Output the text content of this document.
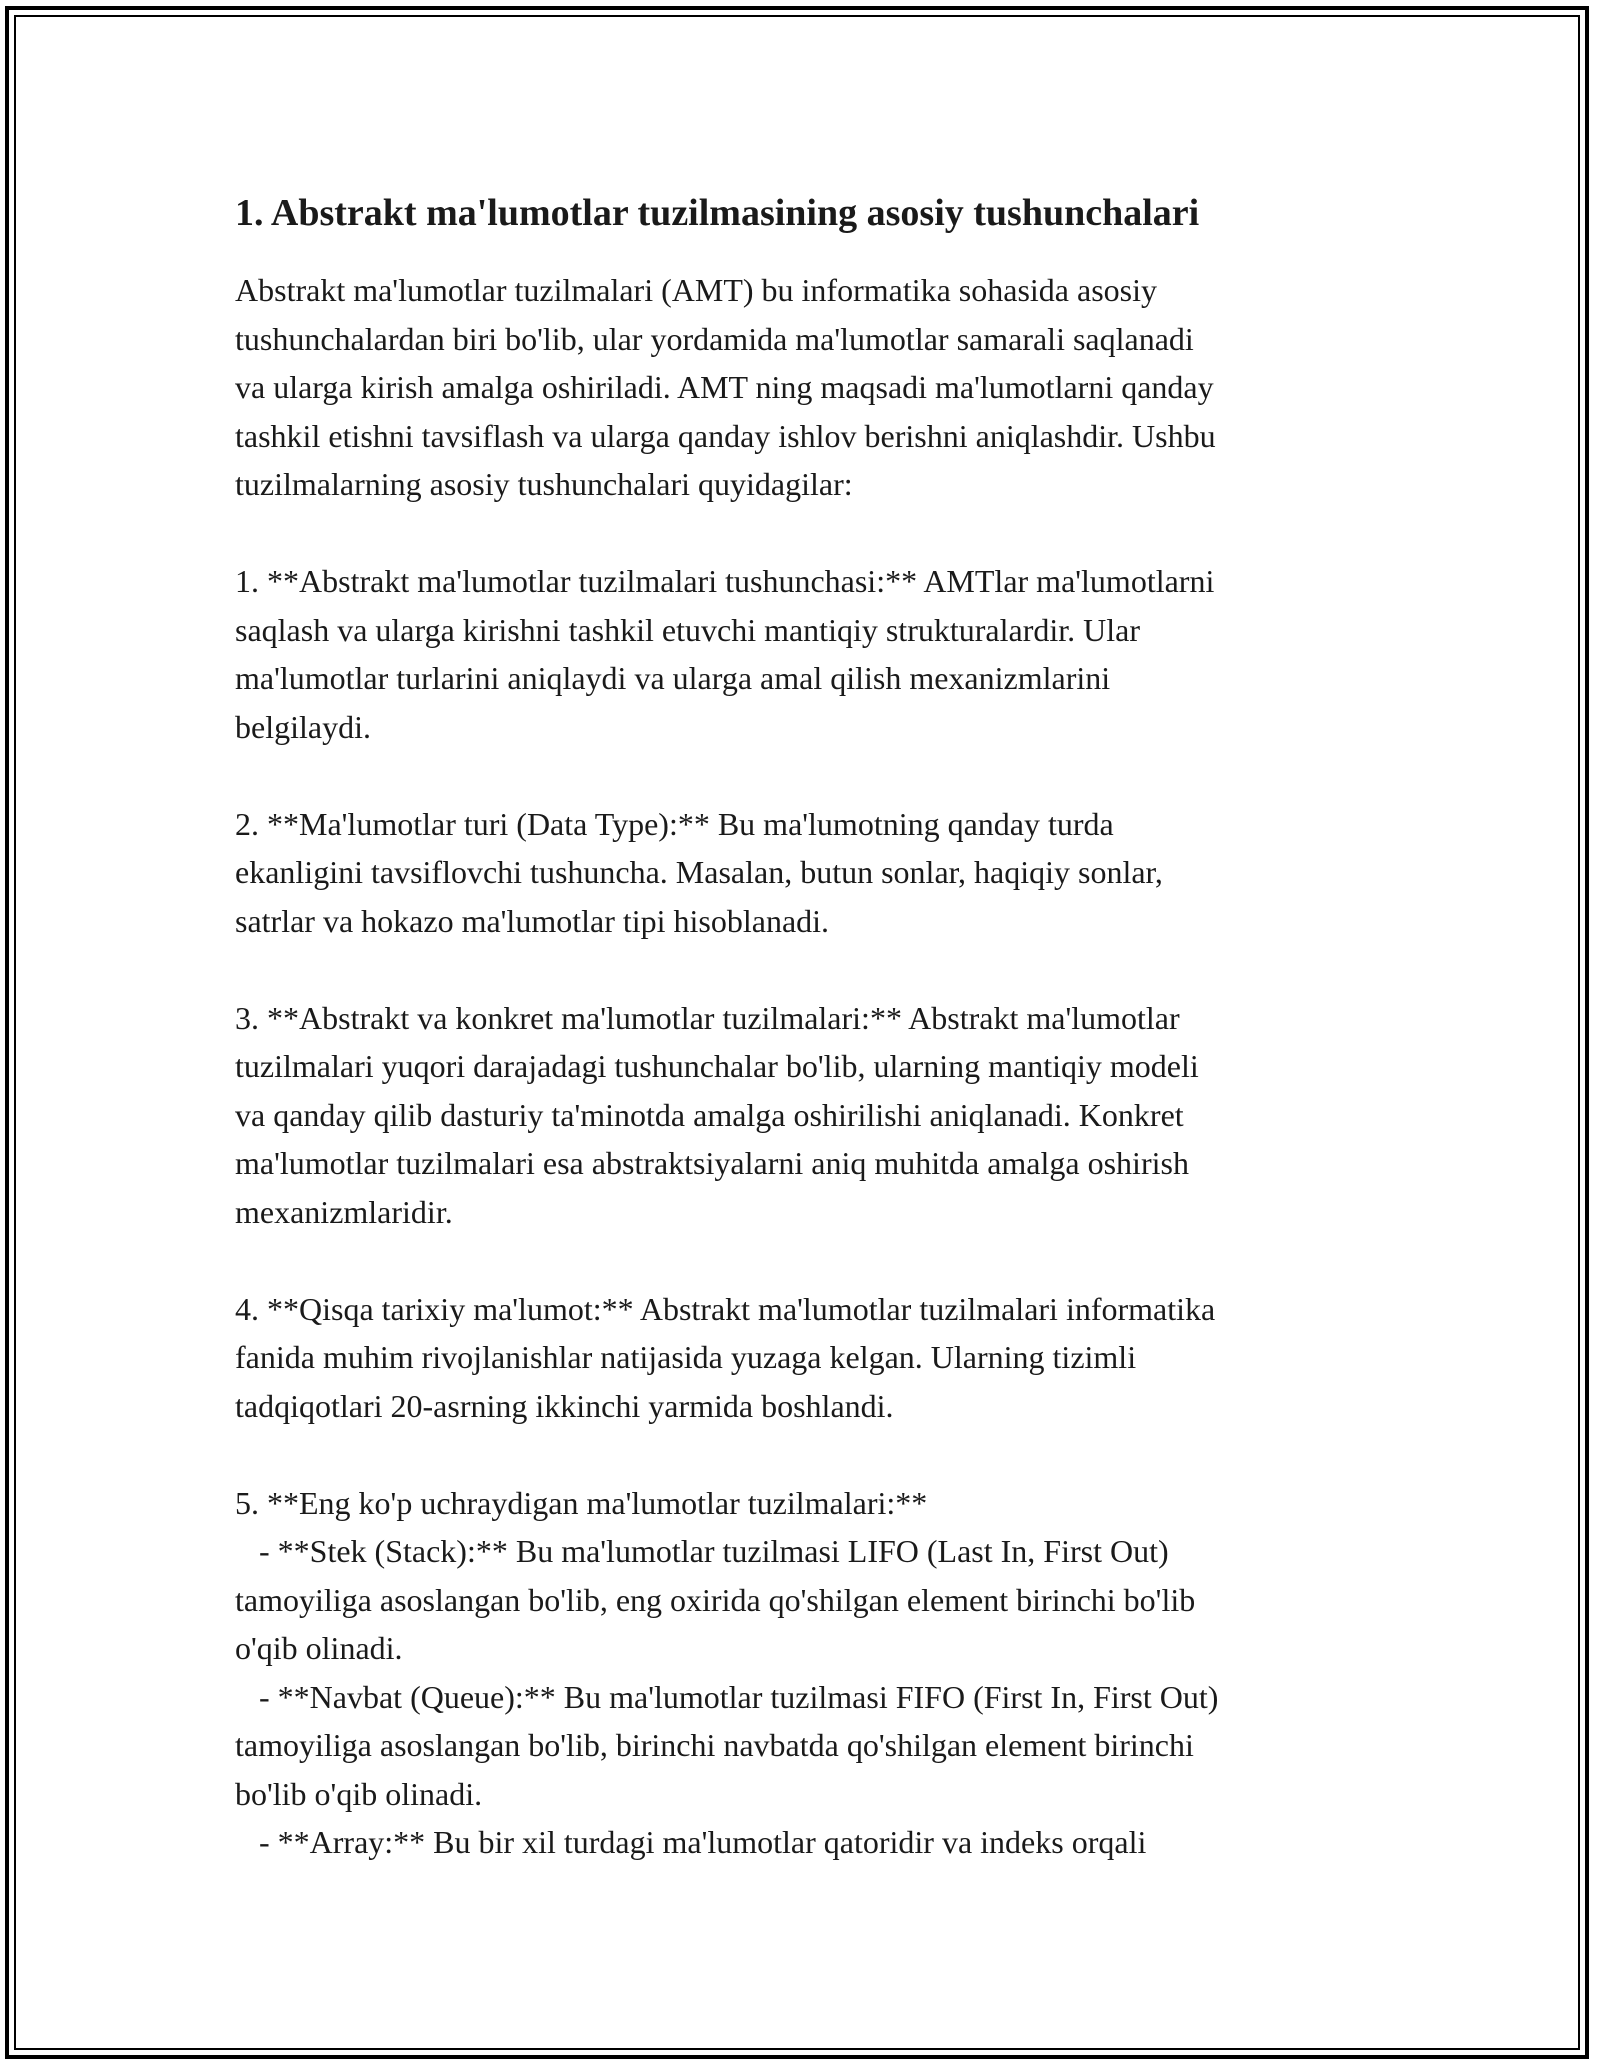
1. Abstrakt ma'lumotlar tuzilmasining asosiy tushunchalari

Abstrakt ma'lumotlar tuzilmalari (AMT) bu informatika sohasida asosiy
tushunchalardan biri bo'lib, ular yordamida ma'lumotlar samarali saqlanadi
va ularga kirish amalga oshiriladi. AMT ning maqsadi ma'lumotlarni qanday
tashkil etishni tavsiflash va ularga qanday ishlov berishni aniqlashdir. Ushbu
tuzilmalarning asosiy tushunchalari quyidagilar:

1. **Abstrakt ma'lumotlar tuzilmalari tushunchasi:** AMTlar ma'lumotlarni
saqlash va ularga kirishni tashkil etuvchi mantiqiy strukturalardir. Ular
ma'lumotlar turlarini aniqlaydi va ularga amal qilish mexanizmlarini
belgilaydi.

2. **Ma'lumotlar turi (Data Type):** Bu ma'lumotning qanday turda
ekanligini tavsiflovchi tushuncha. Masalan, butun sonlar, haqiqiy sonlar,
satrlar va hokazo ma'lumotlar tipi hisoblanadi.

3. **Abstrakt va konkret ma'lumotlar tuzilmalari:** Abstrakt ma'lumotlar
tuzilmalari yuqori darajadagi tushunchalar bo'lib, ularning mantiqiy modeli
va qanday qilib dasturiy ta'minotda amalga oshirilishi aniqlanadi. Konkret
ma'lumotlar tuzilmalari esa abstraktsiyalarni aniq muhitda amalga oshirish
mexanizmlaridir.

4. **Qisqa tarixiy ma'lumot:** Abstrakt ma'lumotlar tuzilmalari informatika
fanida muhim rivojlanishlar natijasida yuzaga kelgan. Ularning tizimli
tadqiqotlari 20-asrning ikkinchi yarmida boshlandi.

5. **Eng ko'p uchraydigan ma'lumotlar tuzilmalari:**
- **Stek (Stack):** Bu ma'lumotlar tuzilmasi LIFO (Last In, First Out)
tamoyiliga asoslangan bo'lib, eng oxirida qo'shilgan element birinchi bo'lib
o'qib olinadi.
- **Navbat (Queue):** Bu ma'lumotlar tuzilmasi FIFO (First In, First Out)
tamoyiliga asoslangan bo'lib, birinchi navbatda qo'shilgan element birinchi
bo'lib o'qib olinadi.
- **Array:** Bu bir xil turdagi ma'lumotlar qatoridir va indeks orqali
